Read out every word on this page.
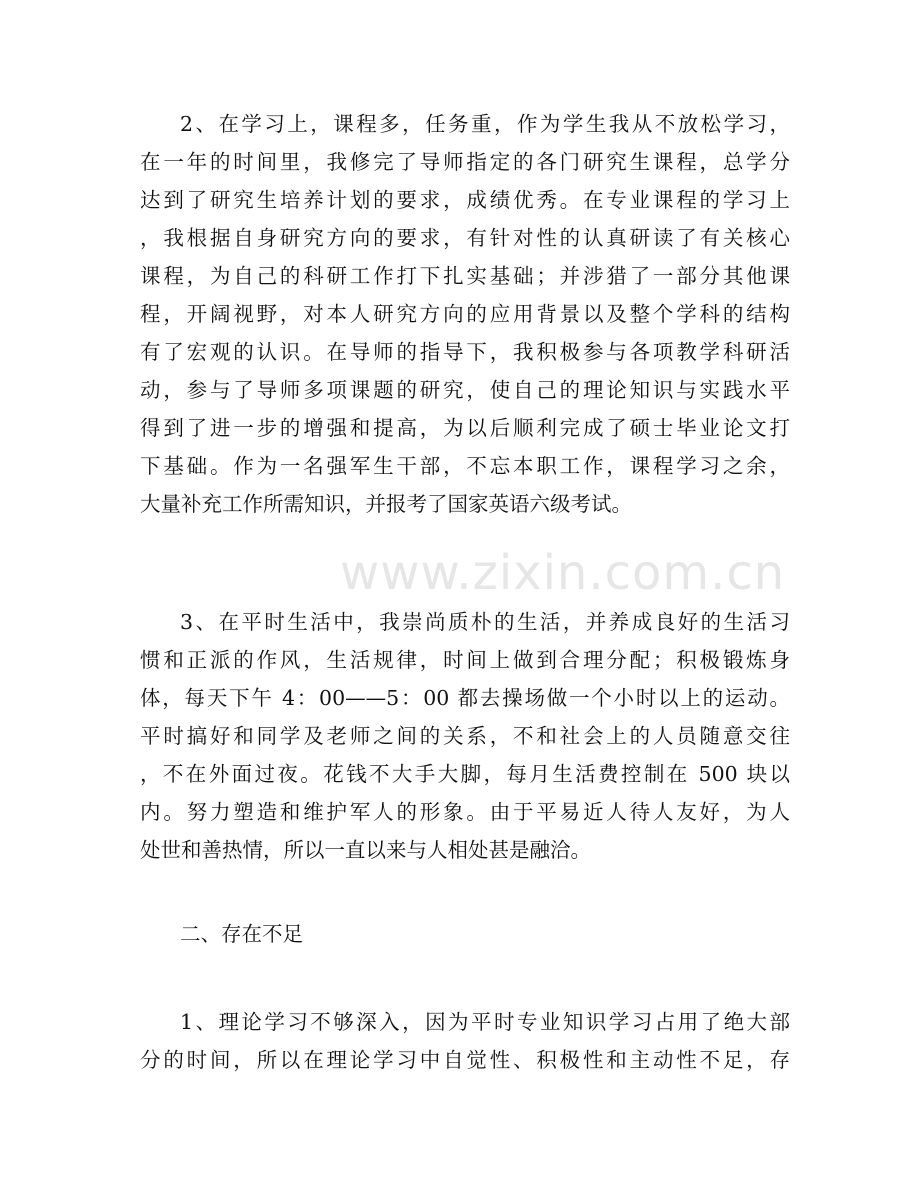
www.zixin.com.cn
2、在学习上，课程多，任务重，作为学生我从不放松学习，
在一年的时间里，我修完了导师指定的各门研究生课程，总学分
达到了研究生培养计划的要求，成绩优秀。在专业课程的学习上
，我根据自身研究方向的要求，有针对性的认真研读了有关核心
课程，为自己的科研工作打下扎实基础；并涉猎了一部分其他课
程，开阔视野，对本人研究方向的应用背景以及整个学科的结构
有了宏观的认识。在导师的指导下，我积极参与各项教学科研活
动，参与了导师多项课题的研究，使自己的理论知识与实践水平
得到了进一步的增强和提高，为以后顺利完成了硕士毕业论文打
下基础。作为一名强军生干部，不忘本职工作，课程学习之余，
大量补充工作所需知识，并报考了国家英语六级考试。
3、在平时生活中，我崇尚质朴的生活，并养成良好的生活习
惯和正派的作风，生活规律，时间上做到合理分配；积极锻炼身
体，每天下午 4：00——5：00 都去操场做一个小时以上的运动。
平时搞好和同学及老师之间的关系，不和社会上的人员随意交往
，不在外面过夜。花钱不大手大脚，每月生活费控制在 500 块以
内。努力塑造和维护军人的形象。由于平易近人待人友好，为人
处世和善热情，所以一直以来与人相处甚是融洽。
二、存在不足
1、理论学习不够深入，因为平时专业知识学习占用了绝大部
分的时间，所以在理论学习中自觉性、积极性和主动性不足，存
